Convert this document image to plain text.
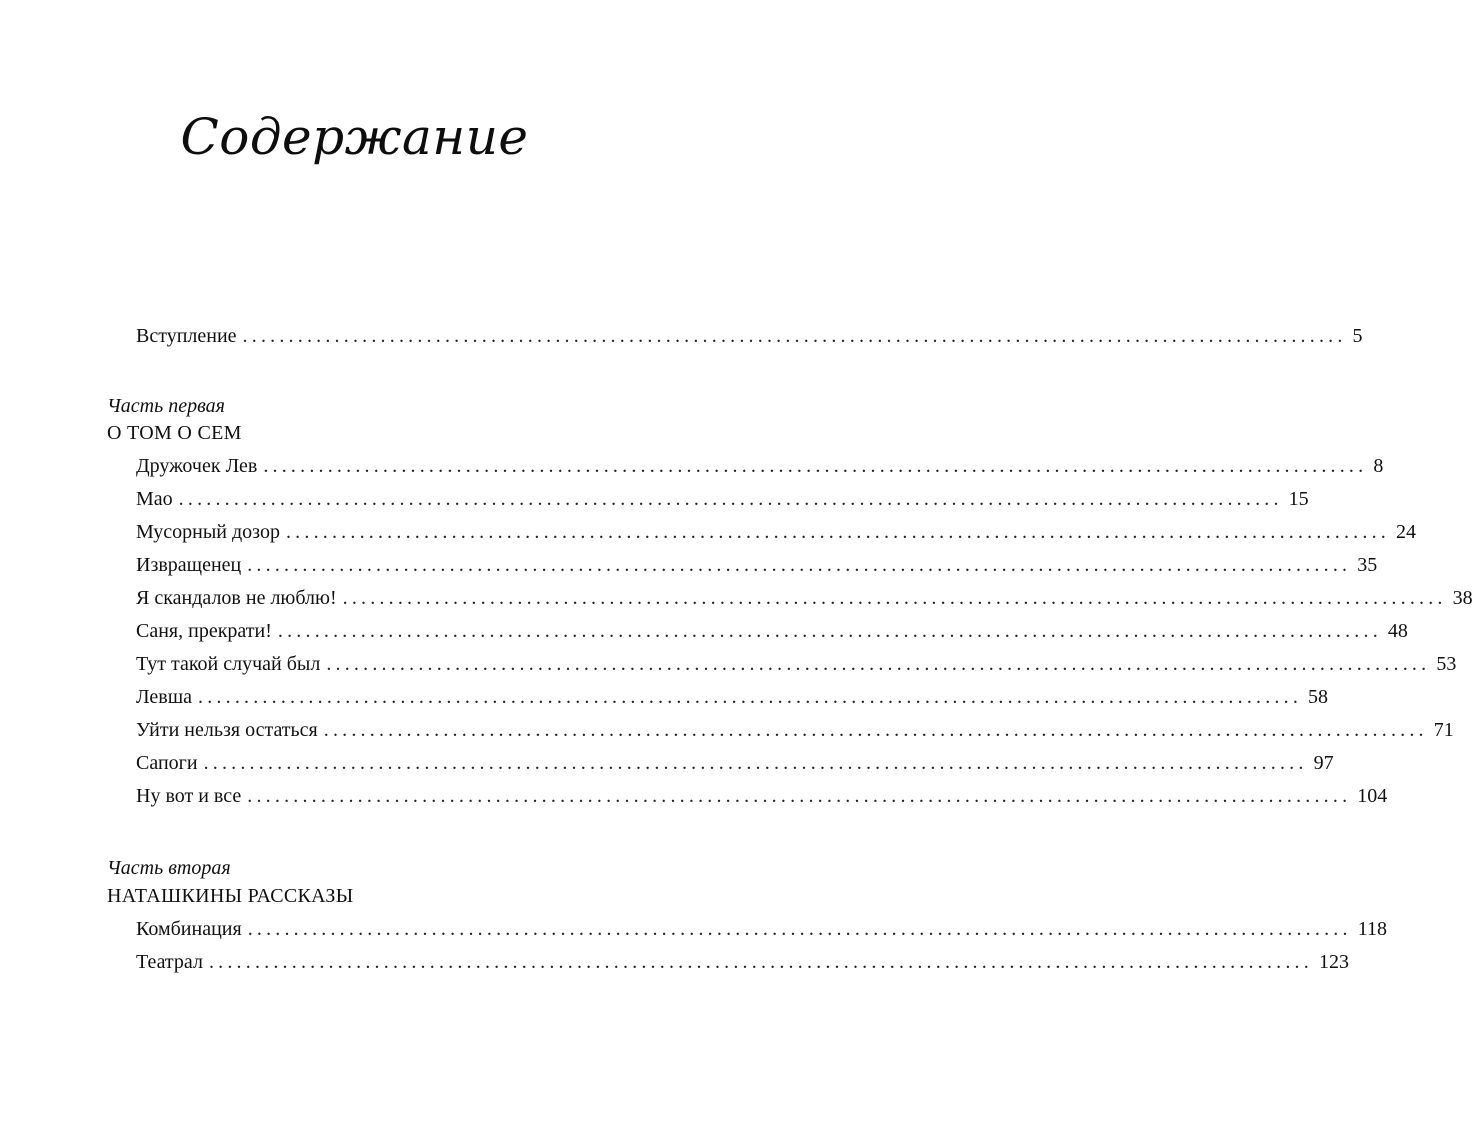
Содержание
Вступление ........................................................................................................................ 5
Часть первая
О ТОМ О СЕМ
Дружочек Лев ........................................................................................................................ 8
Мао ........................................................................................................................ 15
Мусорный дозор ........................................................................................................................ 24
Извращенец ........................................................................................................................ 35
Я скандалов не люблю! ........................................................................................................................ 38
Саня, прекрати! ........................................................................................................................ 48
Тут такой случай был ........................................................................................................................ 53
Левша ........................................................................................................................ 58
Уйти нельзя остаться ........................................................................................................................ 71
Сапоги ........................................................................................................................ 97
Ну вот и все ........................................................................................................................ 104
Часть вторая
НАТАШКИНЫ РАССКАЗЫ
Комбинация ........................................................................................................................ 118
Театрал ........................................................................................................................ 123
